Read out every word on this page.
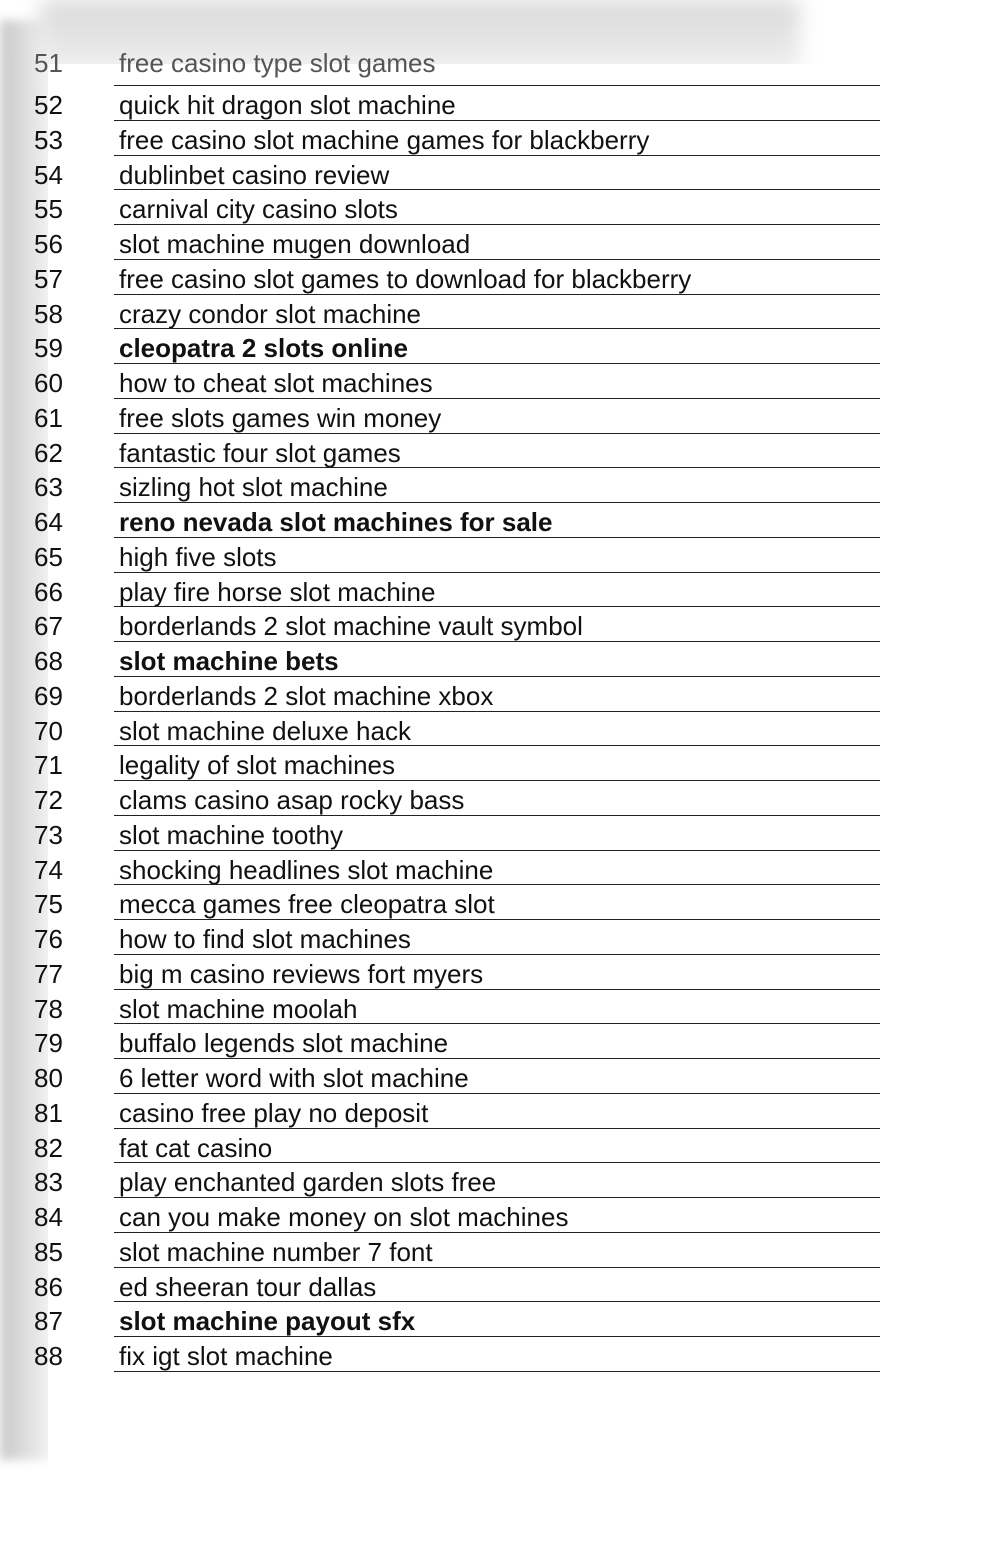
51	free casino type slot games
52	quick hit dragon slot machine
53	free casino slot machine games for blackberry
54	dublinbet casino review
55	carnival city casino slots
56	slot machine mugen download
57	free casino slot games to download for blackberry
58	crazy condor slot machine
59	cleopatra 2 slots online
60	how to cheat slot machines
61	free slots games win money
62	fantastic four slot games
63	sizling hot slot machine
64	reno nevada slot machines for sale
65	high five slots
66	play fire horse slot machine
67	borderlands 2 slot machine vault symbol
68	slot machine bets
69	borderlands 2 slot machine xbox
70	slot machine deluxe hack
71	legality of slot machines
72	clams casino asap rocky bass
73	slot machine toothy
74	shocking headlines slot machine
75	mecca games free cleopatra slot
76	how to find slot machines
77	big m casino reviews fort myers
78	slot machine moolah
79	buffalo legends slot machine
80	6 letter word with slot machine
81	casino free play no deposit
82	fat cat casino
83	play enchanted garden slots free
84	can you make money on slot machines
85	slot machine number 7 font
86	ed sheeran tour dallas
87	slot machine payout sfx
88	fix igt slot machine
